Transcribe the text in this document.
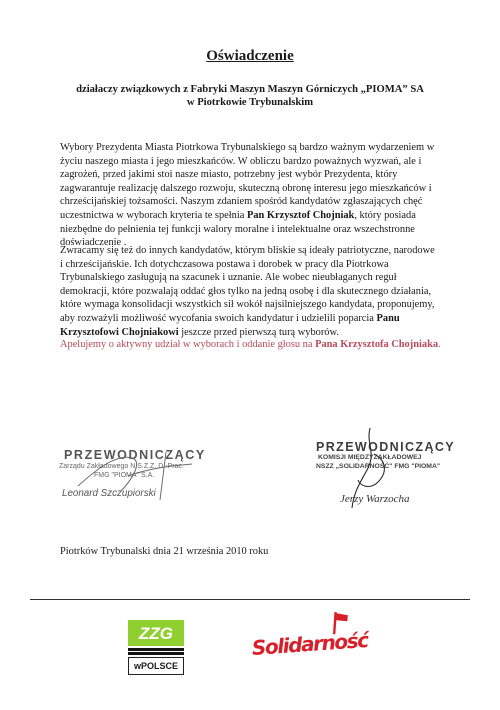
Oświadczenie
działaczy związkowych z Fabryki Maszyn Maszyn Górniczych „PIOMA” SA
w Piotrkowie Trybunalskim
Wybory Prezydenta Miasta Piotrkowa Trybunalskiego są bardzo ważnym wydarzeniem w życiu naszego miasta i jego mieszkańców. W obliczu bardzo poważnych wyzwań, ale i zagrożeń, przed jakimi stoi nasze miasto, potrzebny jest wybór Prezydenta, który zagwarantuje realizację dalszego rozwoju, skuteczną obronę interesu jego mieszkańców i chrześcijańskiej tożsamości. Naszym zdaniem spośród kandydatów zgłaszających chęć uczestnictwa w wyborach kryteria te spełnia Pan Krzysztof Chojniak, który posiada niezbędne do pełnienia tej funkcji walory moralne i intelektualne oraz wszechstronne doświadczenie .
Zwracamy się też do innych kandydatów, którym bliskie są ideały patriotyczne, narodowe i chrześcijańskie. Ich dotychczasowa postawa i dorobek w pracy dla Piotrkowa Trybunalskiego zasługują na szacunek i uznanie. Ale wobec nieubłaganych reguł demokracji, które pozwalają oddać głos tylko na jedną osobę i dla skutecznego działania, które wymaga konsolidacji wszystkich sił wokół najsilniejszego kandydata, proponujemy, aby rozważyli możliwość wycofania swoich kandydatur i udzielili poparcia Panu Krzysztofowi Chojniakowi jeszcze przed pierwszą turą wyborów.
Apelujemy o aktywny udział w wyborach i oddanie głosu na Pana Krzysztofa Chojniaka.
PRZEWODNICZĄCY
Zarządu Zakładowego N.S.Z.Z. D.-Prac.
FMG "PIOMA" S.A.
Leonard Szczupiorski
PRZEWODNICZĄCY
KOMISJI MIĘDZYZAKŁADOWEJ
NSZZ „SOLIDARNOŚĆ" FMG "PIOMA"
Jerzy Warzocha
Piotrków Trybunalski dnia 21 września 2010 roku
ZZG
wPOLSCE
Solidarność
